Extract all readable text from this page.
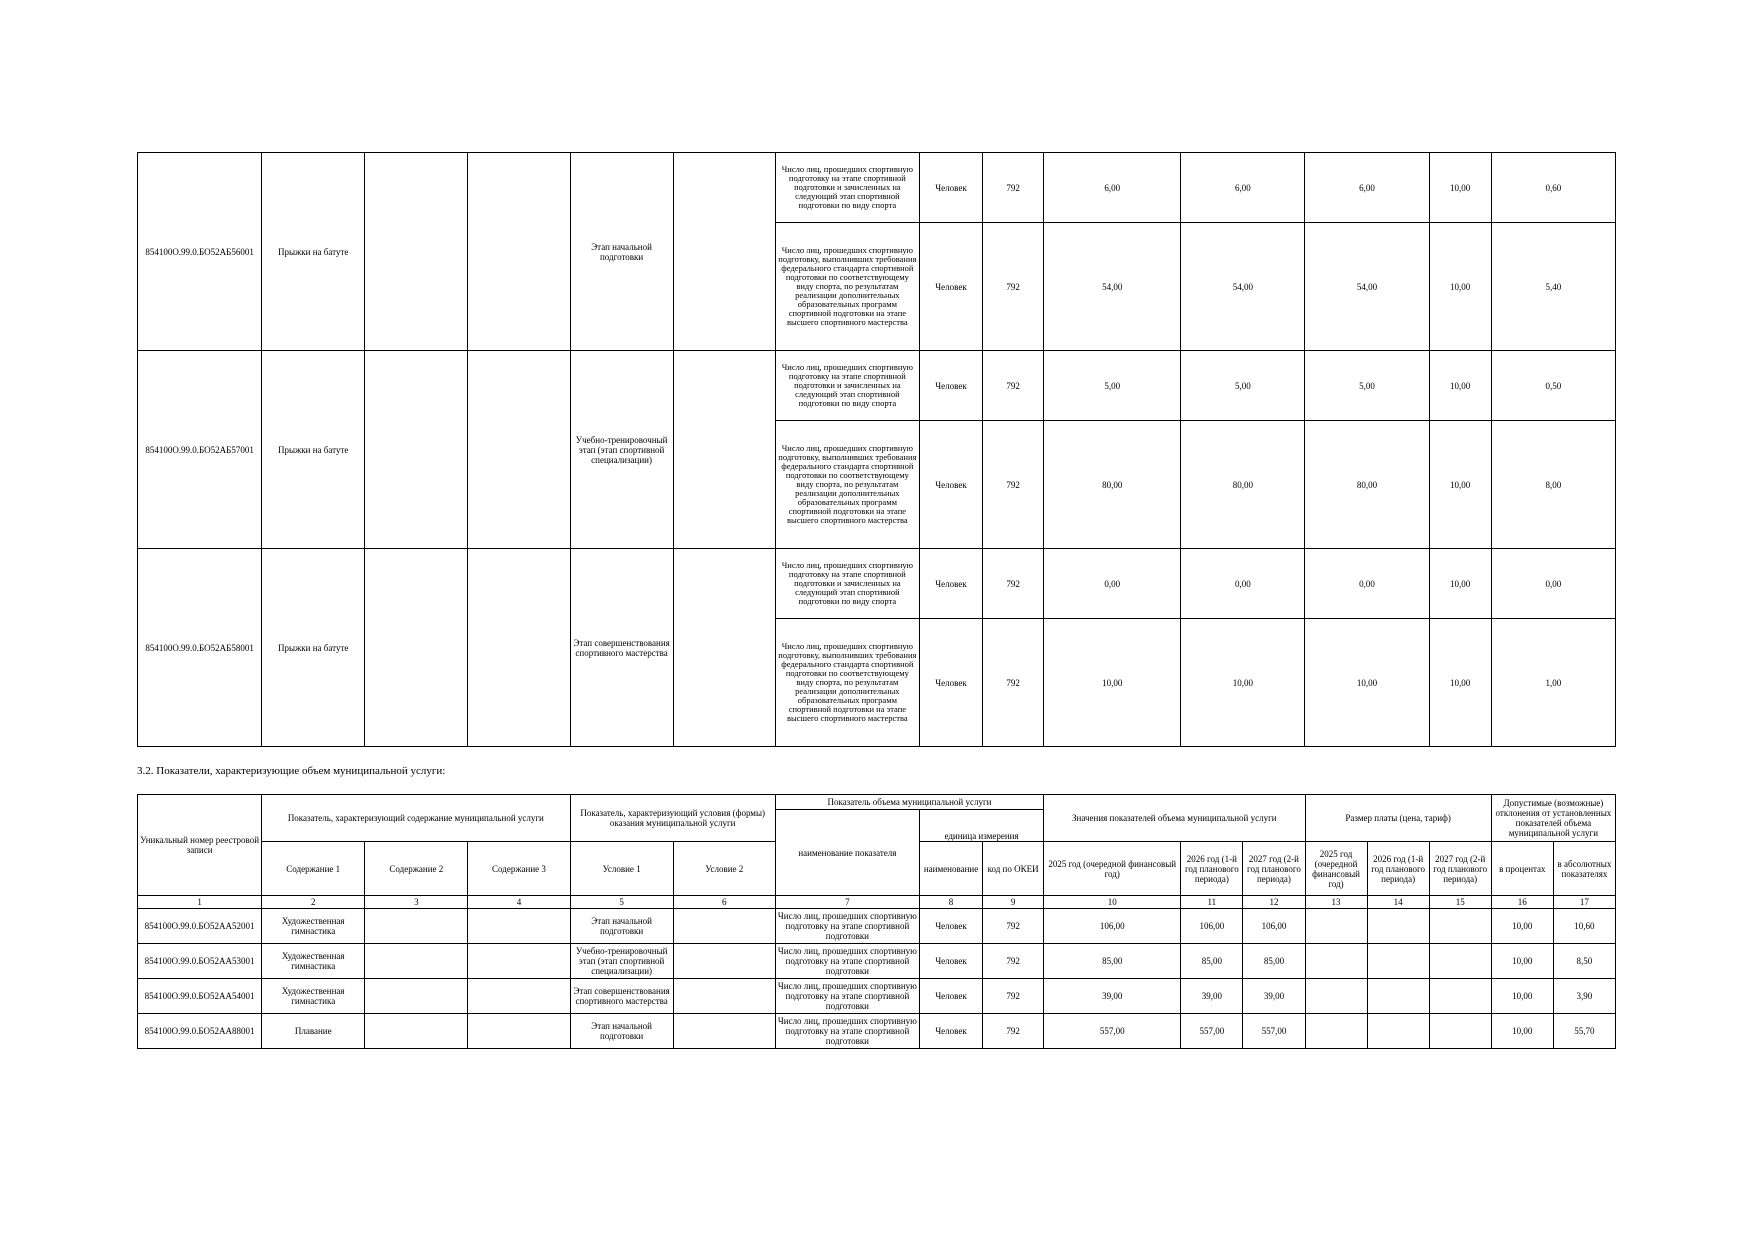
854100О.99.0.БО52АБ56001	Прыжки на батуте			Этап начальной подготовки		Число лиц, прошедших спортивную подготовку на этапе спортивной подготовки и зачисленных на следующий этап спортивной подготовки по виду спорта	Человек	792	6,00	6,00	6,00	10,00	0,60
						Число лиц, прошедших спортивную подготовку, выполнивших требования федерального стандарта спортивной подготовки по соответствующему виду спорта, по результатам реализации дополнительных образовательных программ спортивной подготовки на этапе высшего спортивного мастерства	Человек	792	54,00	54,00	54,00	10,00	5,40
854100О.99.0.БО52АБ57001	Прыжки на батуте			Учебно-тренировочный этап (этап спортивной специализации)		Число лиц, прошедших спортивную подготовку на этапе спортивной подготовки и зачисленных на следующий этап спортивной подготовки по виду спорта	Человек	792	5,00	5,00	5,00	10,00	0,50
						Число лиц, прошедших спортивную подготовку, выполнивших требования федерального стандарта спортивной подготовки по соответствующему виду спорта, по результатам реализации дополнительных образовательных программ спортивной подготовки на этапе высшего спортивного мастерства	Человек	792	80,00	80,00	80,00	10,00	8,00
854100О.99.0.БО52АБ58001	Прыжки на батуте			Этап совершенствования спортивного мастерства		Число лиц, прошедших спортивную подготовку на этапе спортивной подготовки и зачисленных на следующий этап спортивной подготовки по виду спорта	Человек	792	0,00	0,00	0,00	10,00	0,00
						Число лиц, прошедших спортивную подготовку, выполнивших требования федерального стандарта спортивной подготовки по соответствующему виду спорта, по результатам реализации дополнительных образовательных программ спортивной подготовки на этапе высшего спортивного мастерства	Человек	792	10,00	10,00	10,00	10,00	1,00
3.2. Показатели, характеризующие объем муниципальной услуги:
Уникальный номер реестровой записи	Показатель, характеризующий содержание муниципальной услуги			Показатель, характеризующий условия (формы) оказания муниципальной услуги		Показатель объема муниципальной услуги			Значения показателей объема муниципальной услуги			Размер платы (цена, тариф)			Допустимые (возможные) отклонения от установленных показателей объема муниципальной услуги	
						наименование показателя	единица измерения									
	Содержание 1	Содержание 2	Содержание 3	Условие 1	Условие 2		наименование	код по ОКЕИ	2025 год (очередной финансовый год)	2026 год (1-й год планового периода)	2027 год (2-й год планового периода)	2025 год (очередной финансовый год)	2026 год (1-й год планового периода)	2027 год (2-й год планового периода)	в процентах	в абсолютных показателях
1	2	3	4	5	6	7	8	9	10	11	12	13	14	15	16	17
854100О.99.0.БО52АА52001	Художественная гимнастика			Этап начальной подготовки		Число лиц, прошедших спортивную подготовку на этапе спортивной подготовки	Человек	792	106,00	106,00	106,00				10,00	10,60
854100О.99.0.БО52АА53001	Художественная гимнастика			Учебно-тренировочный этап (этап спортивной специализации)		Число лиц, прошедших спортивную подготовку на этапе спортивной подготовки	Человек	792	85,00	85,00	85,00				10,00	8,50
854100О.99.0.БО52АА54001	Художественная гимнастика			Этап совершенствования спортивного мастерства		Число лиц, прошедших спортивную подготовку на этапе спортивной подготовки	Человек	792	39,00	39,00	39,00				10,00	3,90
854100О.99.0.БО52АА88001	Плавание			Этап начальной подготовки		Число лиц, прошедших спортивную подготовку на этапе спортивной подготовки	Человек	792	557,00	557,00	557,00				10,00	55,70
